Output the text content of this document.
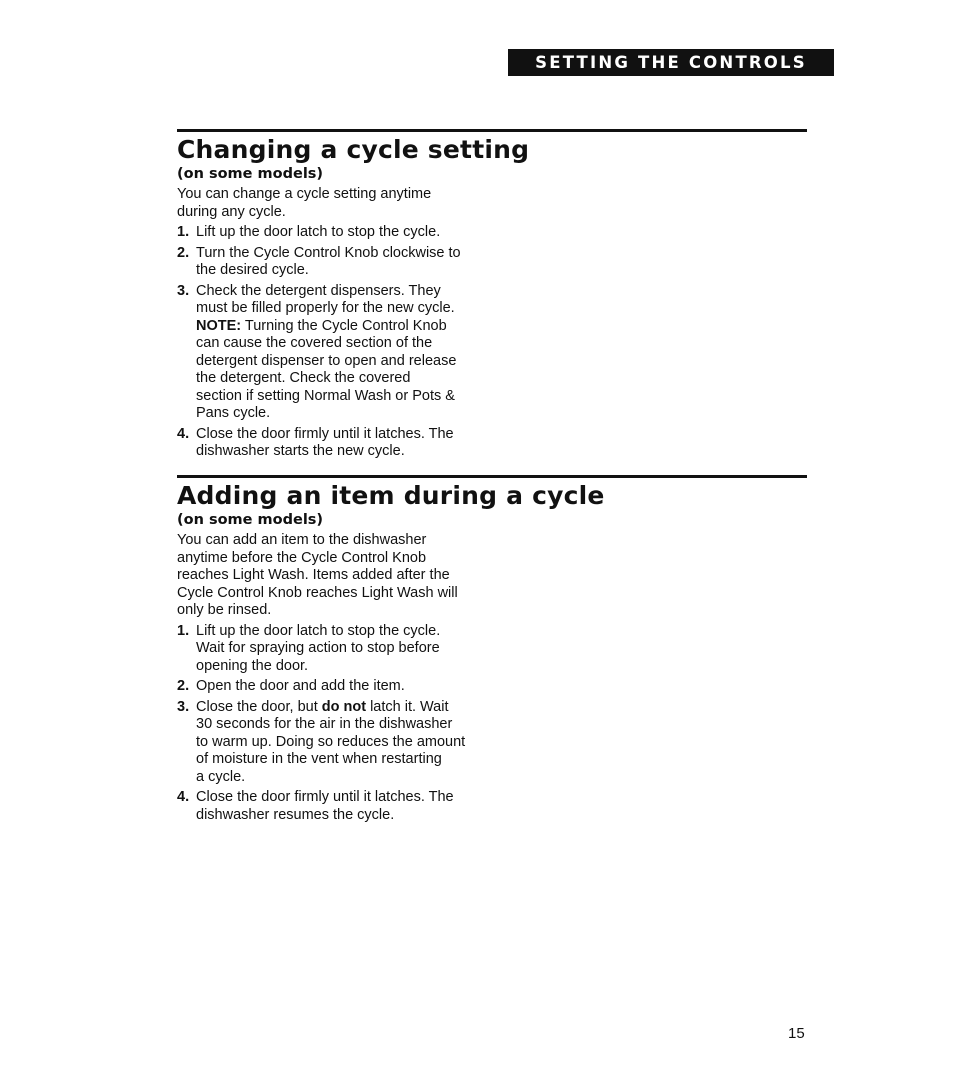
SETTING THE CONTROLS
Changing a cycle setting
(on some models)

You can change a cycle setting anytime

during any cycle.

1. Lift up the door latch to stop the cycle.
2. Turn the Cycle Control Knob clockwise to
the desired cycle.
3. Check the detergent dispensers. They
must be filled properly for the new cycle.
NOTE: Turning the Cycle Control Knob
can cause the covered section of the
detergent dispenser to open and release
the detergent. Check the covered
section if setting Normal Wash or Pots &
Pans cycle.
4. Close the door firmly until it latches. The
dishwasher starts the new cycle.
Adding an item during a cycle
(on some models)

You can add an item to the dishwasher

anytime before the Cycle Control Knob

reaches Light Wash. Items added after the

Cycle Control Knob reaches Light Wash will

only be rinsed.

1. Lift up the door latch to stop the cycle.
Wait for spraying action to stop before
opening the door.
2. Open the door and add the item.
3. Close the door, but do not latch it. Wait
30 seconds for the air in the dishwasher
to warm up. Doing so reduces the amount
of moisture in the vent when restarting
a cycle.
4. Close the door firmly until it latches. The
dishwasher resumes the cycle.
15
